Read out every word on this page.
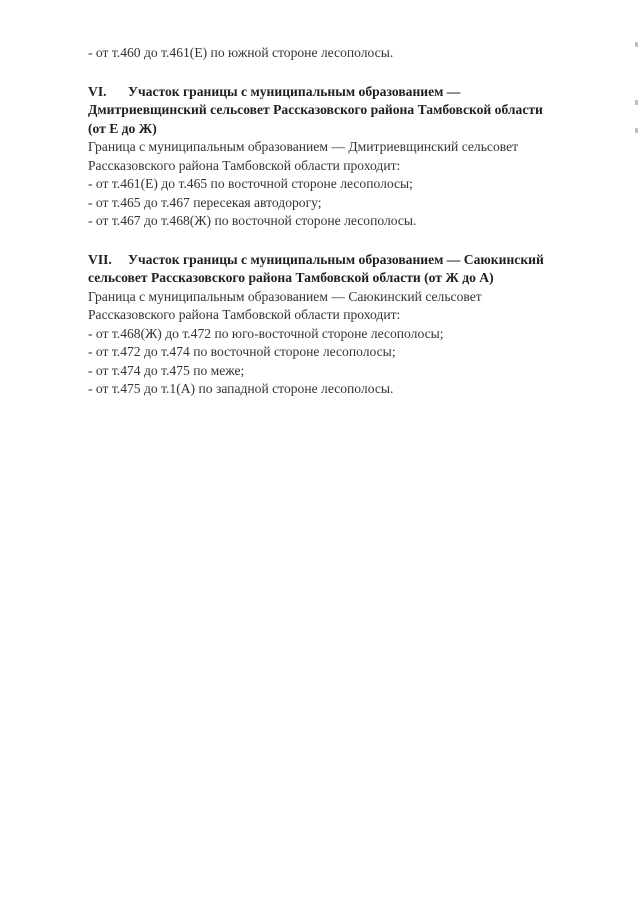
- от т.460 до т.461(Е) по южной стороне лесополосы.
VI. Участок границы с муниципальным образованием —
Дмитриевщинский сельсовет Рассказовского района Тамбовской области
(от Е до Ж)
Граница с муниципальным образованием — Дмитриевщинский сельсовет
Рассказовского района Тамбовской области проходит:
- от т.461(Е) до т.465 по восточной стороне лесополосы;
- от т.465 до т.467 пересекая автодорогу;
- от т.467 до т.468(Ж) по восточной стороне лесополосы.
VII. Участок границы с муниципальным образованием — Саюкинский
сельсовет Рассказовского района Тамбовской области (от Ж до А)
Граница с муниципальным образованием — Саюкинский сельсовет
Рассказовского района Тамбовской области проходит:
- от т.468(Ж) до т.472 по юго-восточной стороне лесополосы;
- от т.472 до т.474 по восточной стороне лесополосы;
- от т.474 до т.475 по меже;
- от т.475 до т.1(А) по западной стороне лесополосы.
